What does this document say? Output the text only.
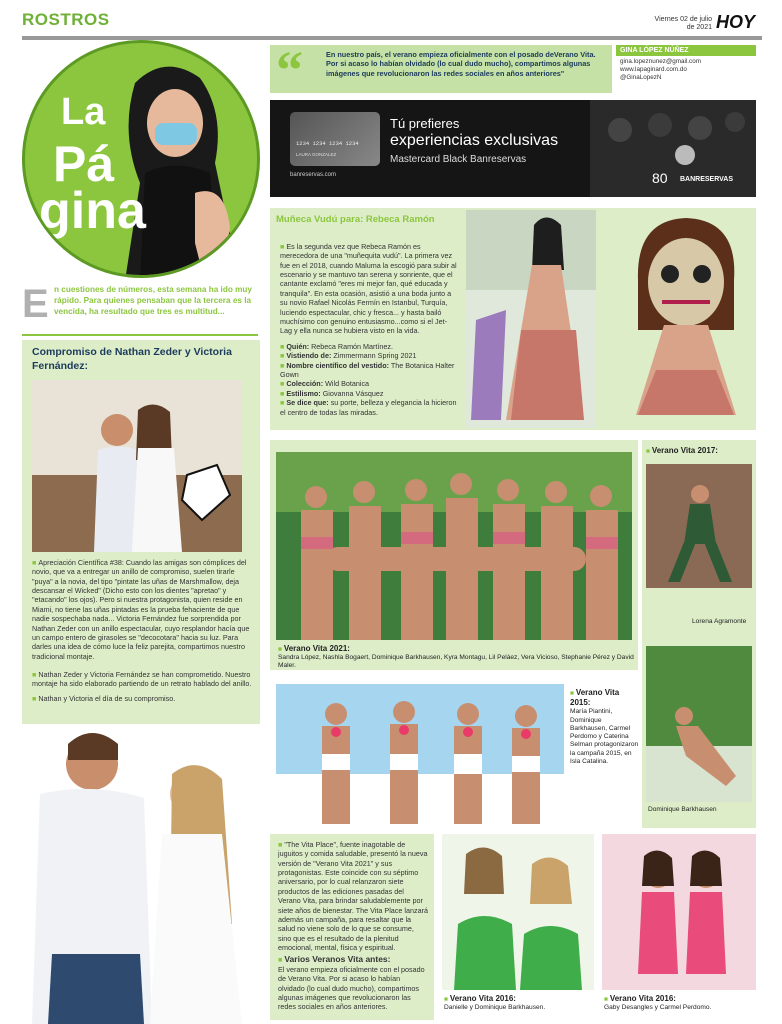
ROSTROS	Viernes 02 de julio de 2021 HOY
La
Pá
gina
“	En nuestro país, el verano empieza oficialmente con el posado deVerano Vita. Por si acaso lo habían olvidado (lo cual dudo mucho), compartimos algunas imágenes que revolucionaron las redes sociales en años anteriores"
GINA LÓPEZ NÚÑEZ
gina.lopeznunez@gmail.com
www.lapaginard.com.do
@GinaLopezN
1234 1234 1234 1234
LAURA GONZALEZ
banreservas.com
Tú prefieres
experiencias exclusivas
Mastercard Black Banreservas
80 BANRESERVAS
E n cuestiones de números, esta semana ha ido muy rápido. Para quienes pensaban que la tercera es la vencida, ha resultado que tres es multitud...
Muñeca Vudú para: Rebeca Ramón
■ Es la segunda vez que Rebeca Ramón es merecedora de una "muñequita vudú". La primera vez fue en el 2018, cuando Maluma la escogió para subir al escenario y se mantuvo tan serena y sonriente, que el cantante exclamó "eres mi mejor fan, qué educada y tranquila". En esta ocasión, asistió a una boda junto a su novio Rafael Nicolás Fermín en Istanbul, Turquía, luciendo espectacular, chic y fresca... y hasta bailó muchísimo con genuino entusiasmo...como si el Jet-Lag y ella nunca se hubiera visto en la vida.
■ Quién: Rebeca Ramón Martínez.
■ Vistiendo de: Zimmermann Spring 2021
■ Nombre científico del vestido: The Botanica Halter Gown
■ Colección: Wild Botanica
■ Estilismo: Giovanna Vásquez
■ Se dice que: su porte, belleza y elegancia la hicieron el centro de todas las miradas.
Compromiso de Nathan Zeder y Victoria Fernández:
■ Apreciación Científica #38: Cuando las amigas son cómplices del novio, que va a entregar un anillo de compromiso, suelen tirarle "puya" a la novia, del tipo "pintate las uñas de Marshmallow, deja descansar el Wicked" (Dicho esto con los dientes "apretao" y "etacando" los ojos). Pero si nuestra protagonista, quien reside en Miami, no tiene las uñas pintadas es la prueba fehaciente de que nadie sospechaba nada... Victoria Fernández fue sorprendida por Nathan Zeder con un anillo espectacular, cuyo resplandor hacía que un campo entero de girasoles se "decocotara" hacia su luz. Para darles una idea de cómo luce la feliz parejita, compartimos nuestro tradicional montaje.
■ Nathan Zeder y Victoria Fernández se han comprometido. Nuestro montaje ha sido elaborado partiendo de un retrato hablado del anillo.
■ Nathan y Victoria el día de su compromiso.
■ Verano Vita 2021:
Sandra López, Nashla Bogaert, Dominique Barkhausen, Kyra Montagu, Lil Peláez, Vera Vicioso, Stephanie Pérez y David Maler.
■ Verano Vita 2017:
Lorena Agramonte
Dominique Barkhausen
■ Verano Vita 2015:
María Piantini, Dominique Barkhausen, Carmel Perdomo y Caterina Selman protagonizaron la campaña 2015, en Isla Catalina.
■ "The Vita Place", fuente inagotable de juguitos y comida saludable, presentó la nueva versión de "Verano Vita 2021" y sus protagonistas. Este coincide con su séptimo aniversario, por lo cual relanzaron siete productos de las ediciones pasadas del Verano Vita, para brindar saludablemente por siete años de bienestar. The Vita Place lanzará además un campaña, para resaltar que la salud no viene solo de lo que se consume, sino que es el resultado de la plenitud emocional, mental, física y espiritual.
■ Varios Veranos Vita antes:
El verano empieza oficialmente con el posado de Verano Vita. Por si acaso lo habían olvidado (lo cual dudo mucho), compartimos algunas imágenes que revolucionaron las redes sociales en años anteriores.
■ Verano Vita 2016:
Danielle y Dominique Barkhausen.
■ Verano Vita 2016:
Gaby Desangles y Carmel Perdomo.
